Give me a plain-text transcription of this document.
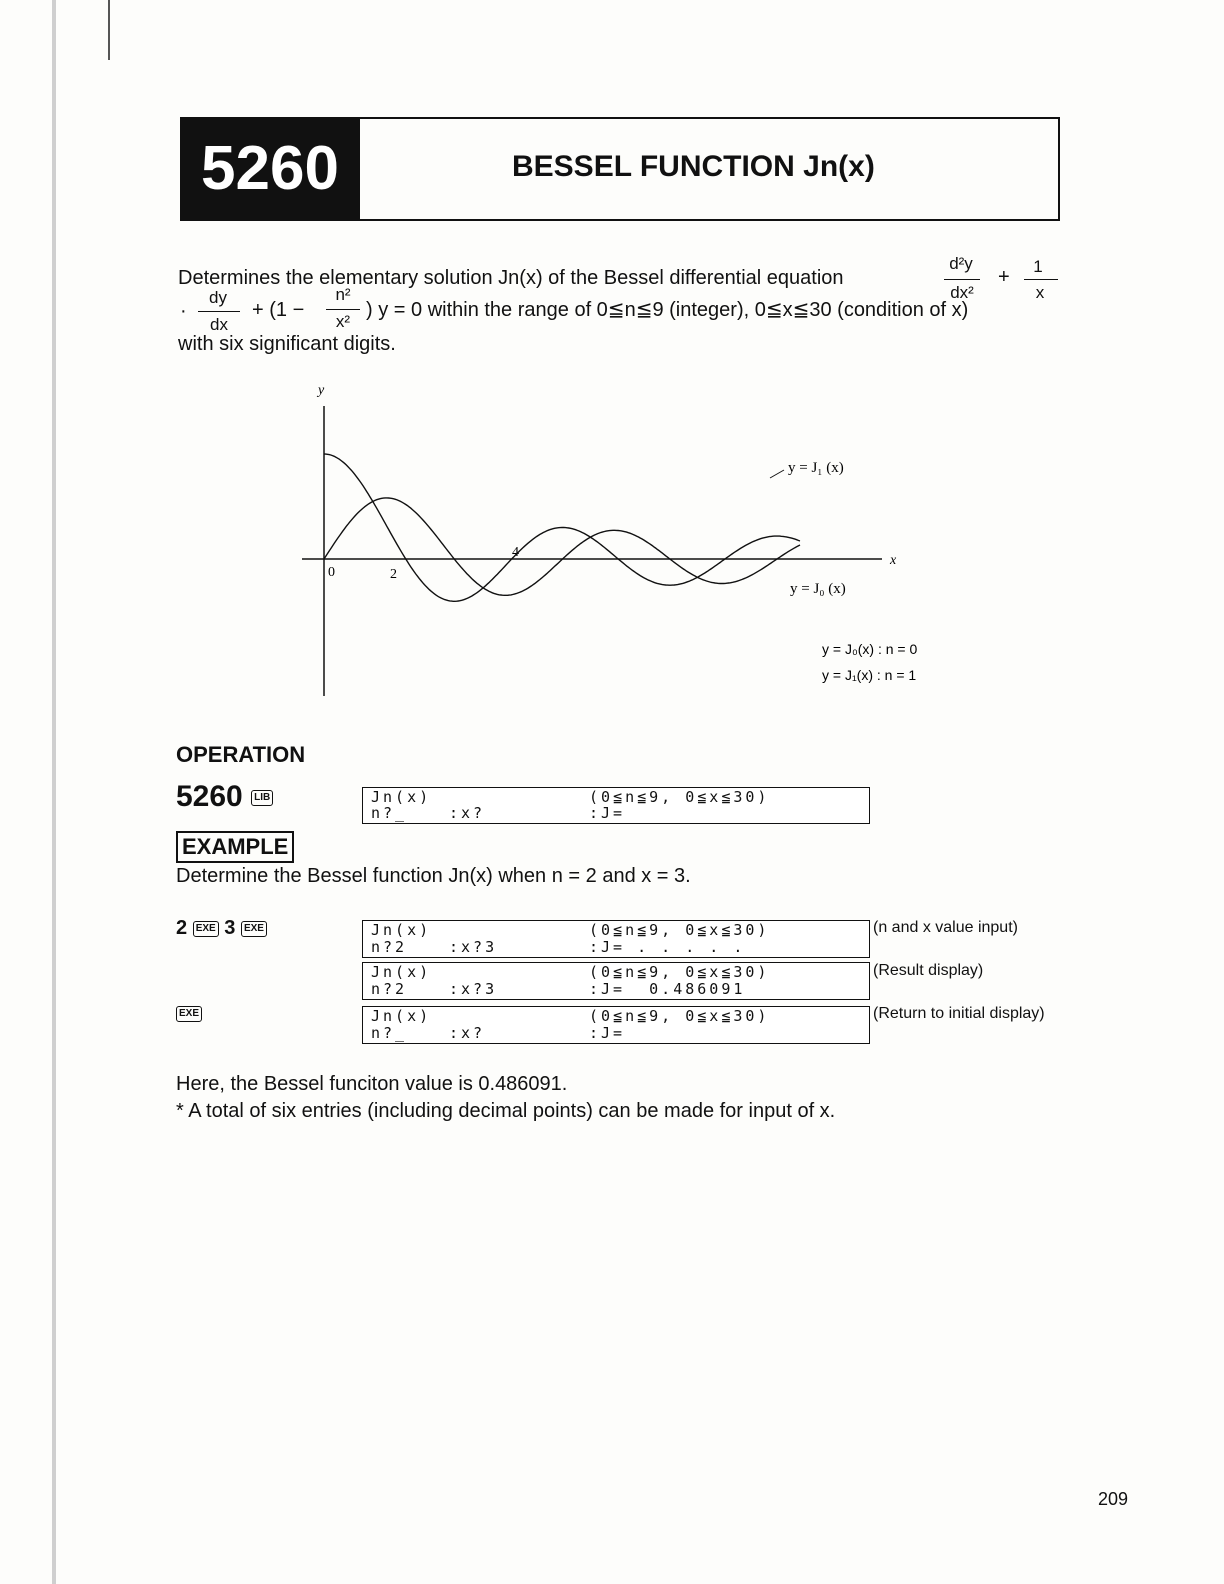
5260	BESSEL FUNCTION Jn(x)
Determines the elementary solution Jn(x) of the Bessel differential equation
d²y
dx²
+	1
x
·
dy
dx
+ (1 −
n²
x²
) y = 0 within the range of 0≦n≦9 (integer), 0≦x≦30 (condition of x)
with six significant digits.
y
x
0	2
4
y = J₁ (x)
y = J₀ (x)
y = J₀(x) : n = 0
y = J₁(x) : n = 1
OPERATION
5260 LIB	Jn(x)	(0≦n≦9, 0≦x≦30)
n?_	:x?	:J=
EXAMPLE
Determine the Bessel function Jn(x) when n = 2 and x = 3.
2 EXE 3 EXE
EXE
Jn(x)	(0≦n≦9, 0≦x≦30)
n?2	:x?3	:J= . . . . .
(n and x value input)
Jn(x)	(0≦n≦9, 0≦x≦30)
n?2	:x?3	:J=  0.486091
(Result display)
Jn(x)	(0≦n≦9, 0≦x≦30)
n?_	:x?	:J=
(Return to initial display)
Here, the Bessel funciton value is 0.486091.
* A total of six entries (including decimal points) can be made for input of x.
209
